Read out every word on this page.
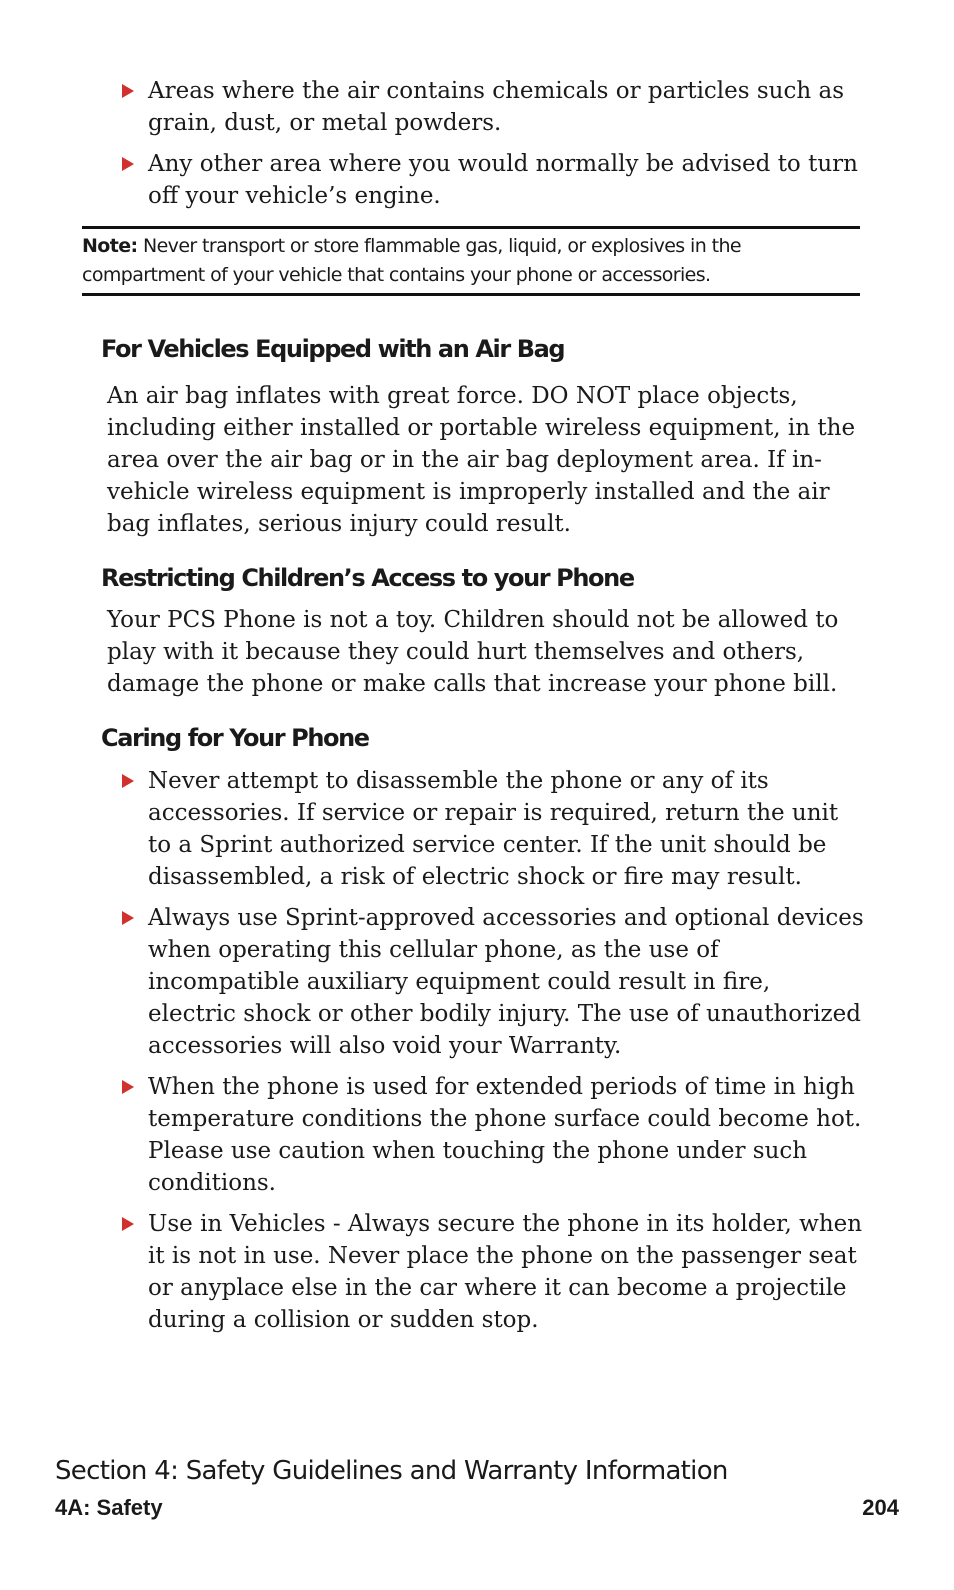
Areas where the air contains chemicals or particles such as grain, dust, or metal powders.
Any other area where you would normally be advised to turn off your vehicle’s engine.
Note: Never transport or store flammable gas, liquid, or explosives in the compartment of your vehicle that contains your phone or accessories.
For Vehicles Equipped with an Air Bag

An air bag inflates with great force. DO NOT place objects, including either installed or portable wireless equipment, in the area over the air bag or in the air bag deployment area. If in-vehicle wireless equipment is improperly installed and the air bag inflates, serious injury could result.

Restricting Children’s Access to your Phone

Your PCS Phone is not a toy. Children should not be allowed to play with it because they could hurt themselves and others, damage the phone or make calls that increase your phone bill.

Caring for Your Phone
Never attempt to disassemble the phone or any of its accessories. If service or repair is required, return the unit to a Sprint authorized service center. If the unit should be disassembled, a risk of electric shock or fire may result.
Always use Sprint-approved accessories and optional devices when operating this cellular phone, as the use of incompatible auxiliary equipment could result in fire, electric shock or other bodily injury. The use of unauthorized accessories will also void your Warranty.
When the phone is used for extended periods of time in high temperature conditions the phone surface could become hot. Please use caution when touching the phone under such conditions.
Use in Vehicles - Always secure the phone in its holder, when it is not in use. Never place the phone on the passenger seat or anyplace else in the car where it can become a projectile during a collision or sudden stop.
Section 4: Safety Guidelines and Warranty Information
4A: Safety	204
